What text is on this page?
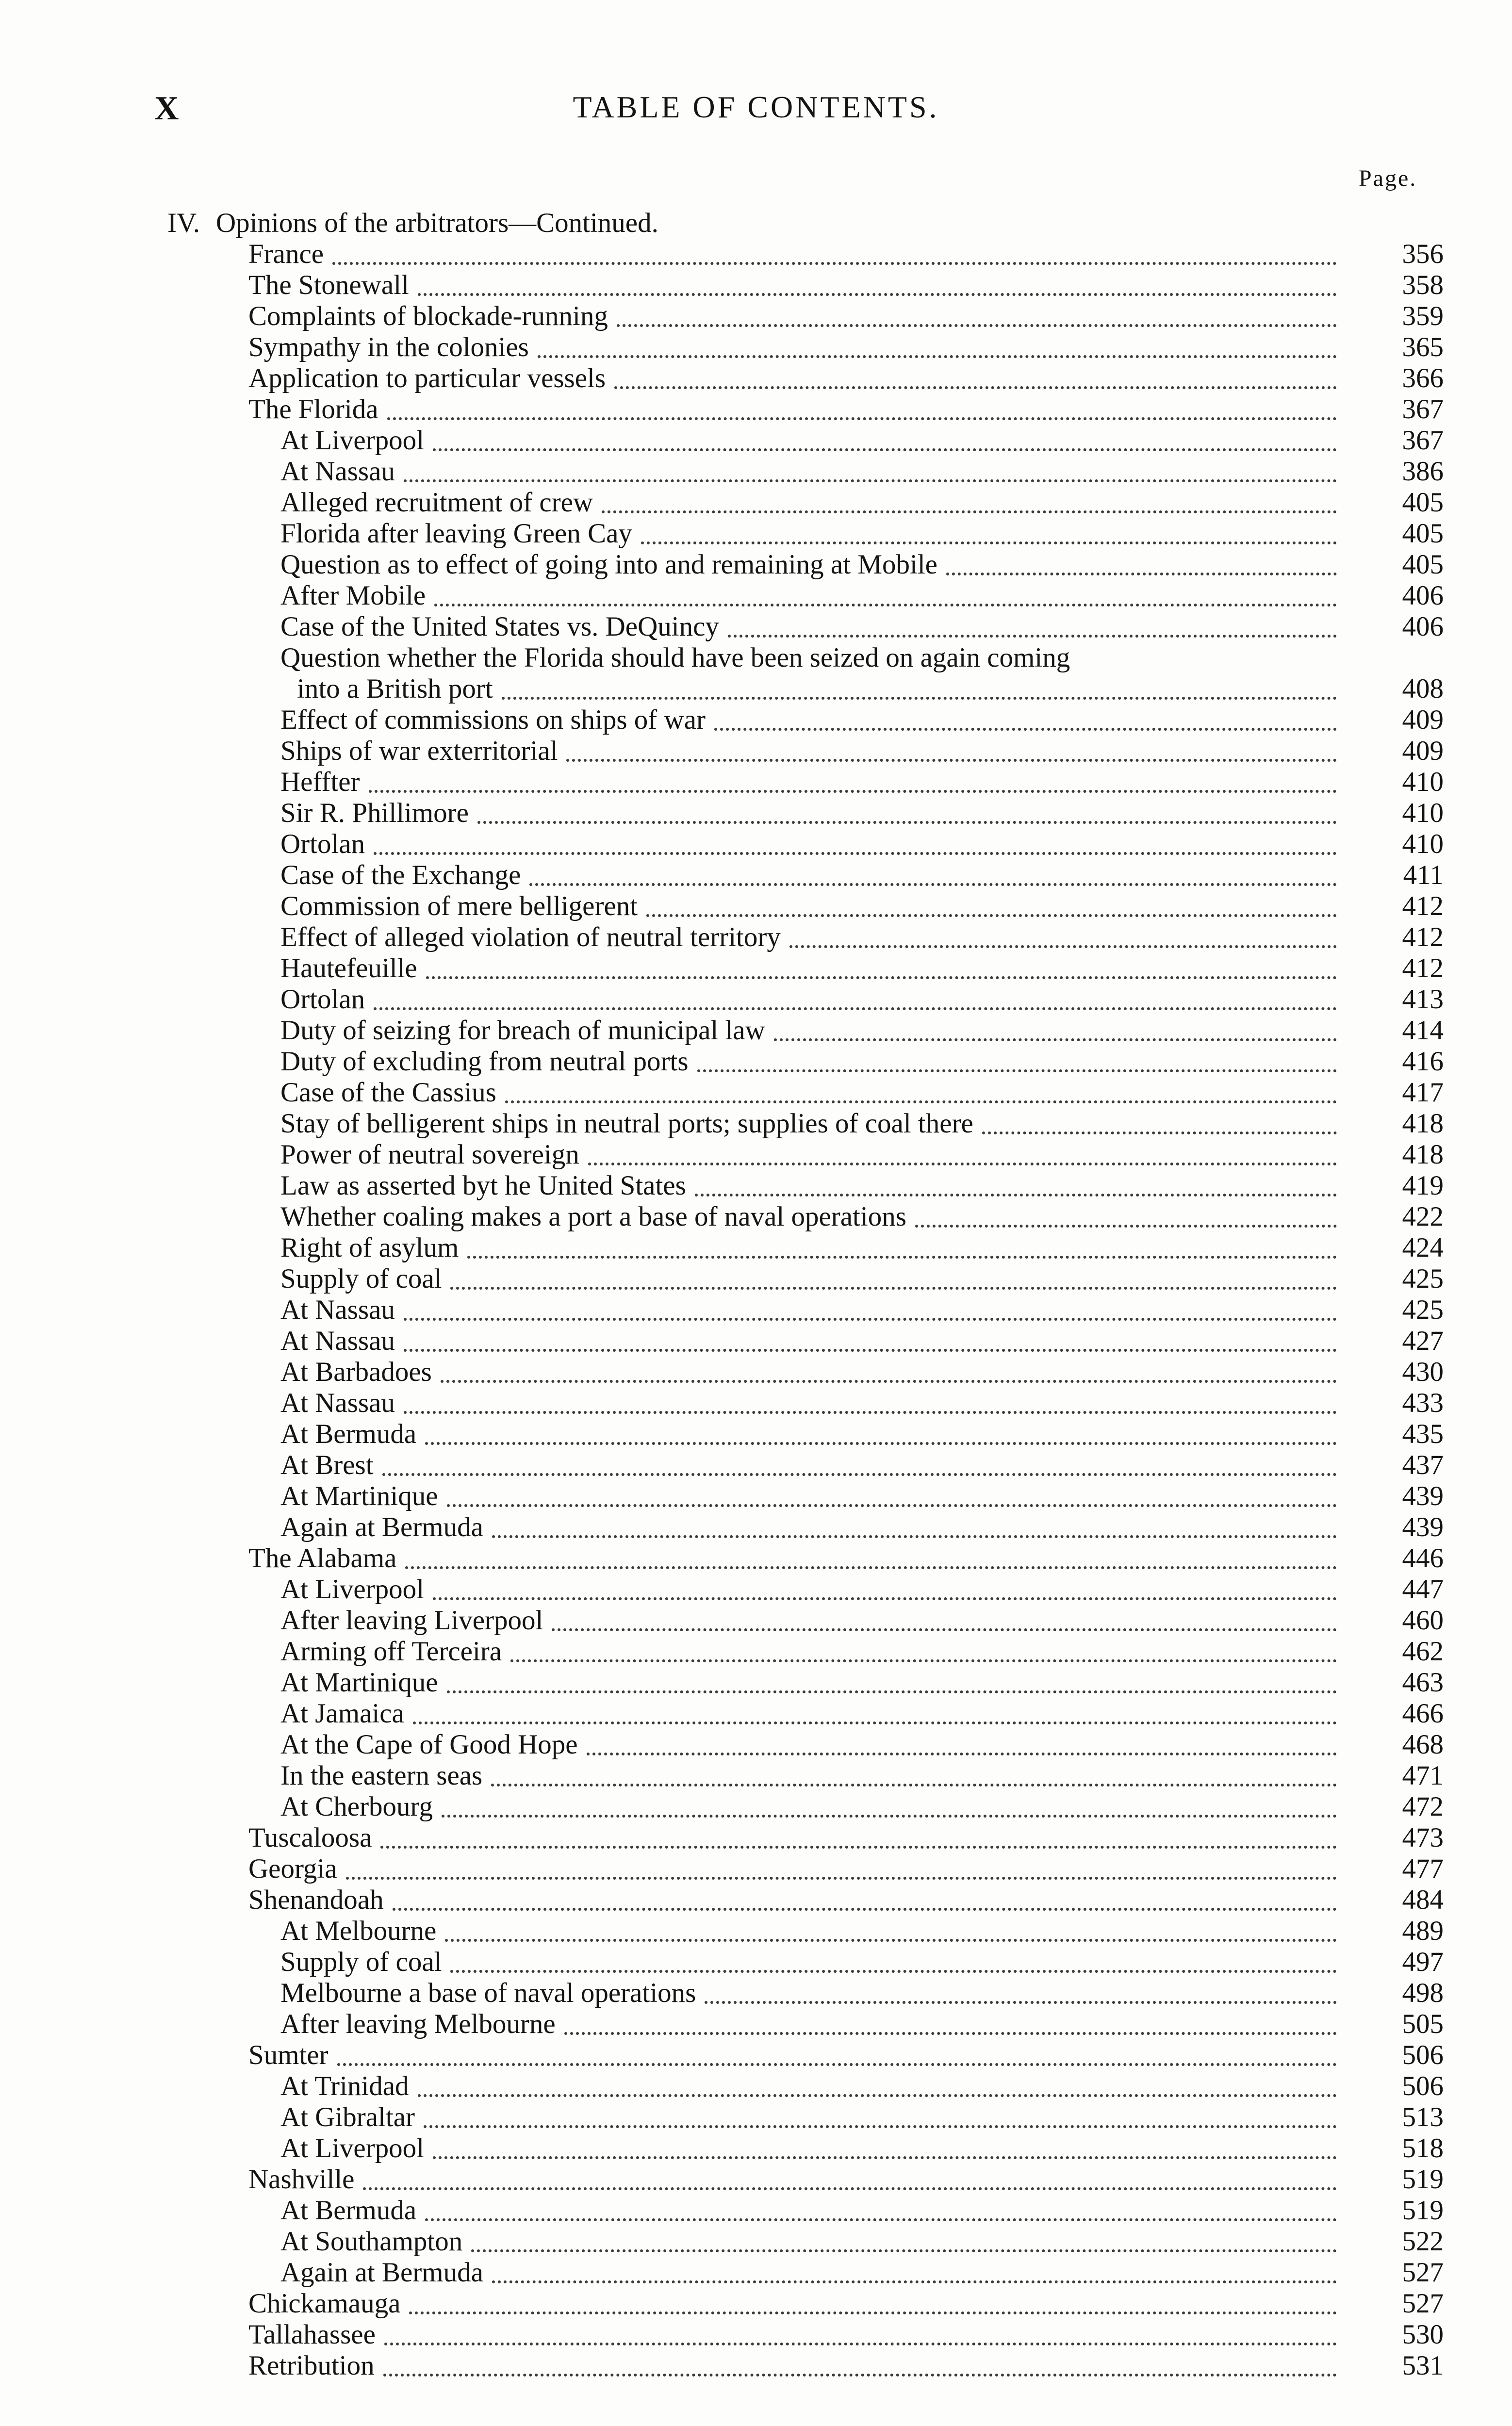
X	TABLE OF CONTENTS.
Page.
IV. Opinions of the arbitrators—Continued.
France	356
The Stonewall	358
Complaints of blockade-running	359
Sympathy in the colonies	365
Application to particular vessels	366
The Florida	367
At Liverpool	367
At Nassau	386
Alleged recruitment of crew	405
Florida after leaving Green Cay	405
Question as to effect of going into and remaining at Mobile	405
After Mobile	406
Case of the United States vs. DeQuincy	406
Question whether the Florida should have been seized on again coming
into a British port	408
Effect of commissions on ships of war	409
Ships of war exterritorial	409
Heffter	410
Sir R. Phillimore	410
Ortolan	410
Case of the Exchange	411
Commission of mere belligerent	412
Effect of alleged violation of neutral territory	412
Hautefeuille	412
Ortolan	413
Duty of seizing for breach of municipal law	414
Duty of excluding from neutral ports	416
Case of the Cassius	417
Stay of belligerent ships in neutral ports; supplies of coal there	418
Power of neutral sovereign	418
Law as asserted byt he United States	419
Whether coaling makes a port a base of naval operations	422
Right of asylum	424
Supply of coal	425
At Nassau	425
At Nassau	427
At Barbadoes	430
At Nassau	433
At Bermuda	435
At Brest	437
At Martinique	439
Again at Bermuda	439
The Alabama	446
At Liverpool	447
After leaving Liverpool	460
Arming off Terceira	462
At Martinique	463
At Jamaica	466
At the Cape of Good Hope	468
In the eastern seas	471
At Cherbourg	472
Tuscaloosa	473
Georgia	477
Shenandoah	484
At Melbourne	489
Supply of coal	497
Melbourne a base of naval operations	498
After leaving Melbourne	505
Sumter	506
At Trinidad	506
At Gibraltar	513
At Liverpool	518
Nashville	519
At Bermuda	519
At Southampton	522
Again at Bermuda	527
Chickamauga	527
Tallahassee	530
Retribution	531
